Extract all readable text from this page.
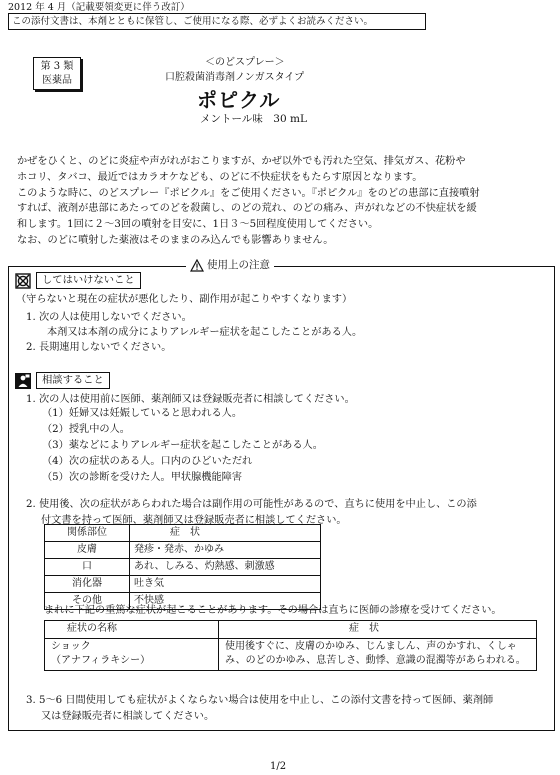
2012 年 4 月（記載要領変更に伴う改訂）
この添付文書は、本剤とともに保管し、ご使用になる際、必ずよくお読みください。
第 3 類
医薬品
＜のどスプレー＞
口腔殺菌消毒剤ノンガスタイプ
ポピクル
メントール味　30 mL

かぜをひくと、のどに炎症や声がれがおこりますが、かぜ以外でも汚れた空気、排気ガス、花粉や

ホコリ、タバコ、最近ではカラオケなども、のどに不快症状をもたらす原因となります。

このような時に、のどスプレー『ポピクル』をご使用ください。『ポピクル』をのどの患部に直接噴射

すれば、液剤が患部にあたってのどを殺菌し、のどの荒れ、のどの痛み、声がれなどの不快症状を緩

和します。1回に２～3回の噴射を目安に、1日３～5回程度使用してください。

なお、のどに噴射した薬液はそのままのみ込んでも影響ありません。

使用上の注意
してはいけないこと
（守らないと現在の症状が悪化したり、副作用が起こりやすくなります）
1. 次の人は使用しないでください。
本剤又は本剤の成分によりアレルギー症状を起こしたことがある人。
2. 長期連用しないでください。
相談すること
1. 次の人は使用前に医師、薬剤師又は登録販売者に相談してください。
（1）妊婦又は妊娠していると思われる人。
（2）授乳中の人。
（3）薬などによりアレルギー症状を起こしたことがある人。
（4）次の症状のある人。口内のひどいただれ
（5）次の診断を受けた人。甲状腺機能障害
2. 使用後、次の症状があらわれた場合は副作用の可能性があるので、直ちに使用を中止し、この添
付文書を持って医師、薬剤師又は登録販売者に相談してください。
関係部位	症　状
皮膚	発疹・発赤、かゆみ
口	あれ、しみる、灼熱感、刺激感
消化器	吐き気
その他	不快感
まれに下記の重篤な症状が起こることがあります。その場合は直ちに医師の診療を受けてください。
症状の名称	症　状

ショック
（アナフィラキシー）	使用後すぐに、皮膚のかゆみ、じんましん、声のかすれ、くしゃみ、のどのかゆみ、息苦しさ、動悸、意識の混濁等があらわれる。
3. 5～6 日間使用しても症状がよくならない場合は使用を中止し、この添付文書を持って医師、薬剤師
又は登録販売者に相談してください。
1/2
